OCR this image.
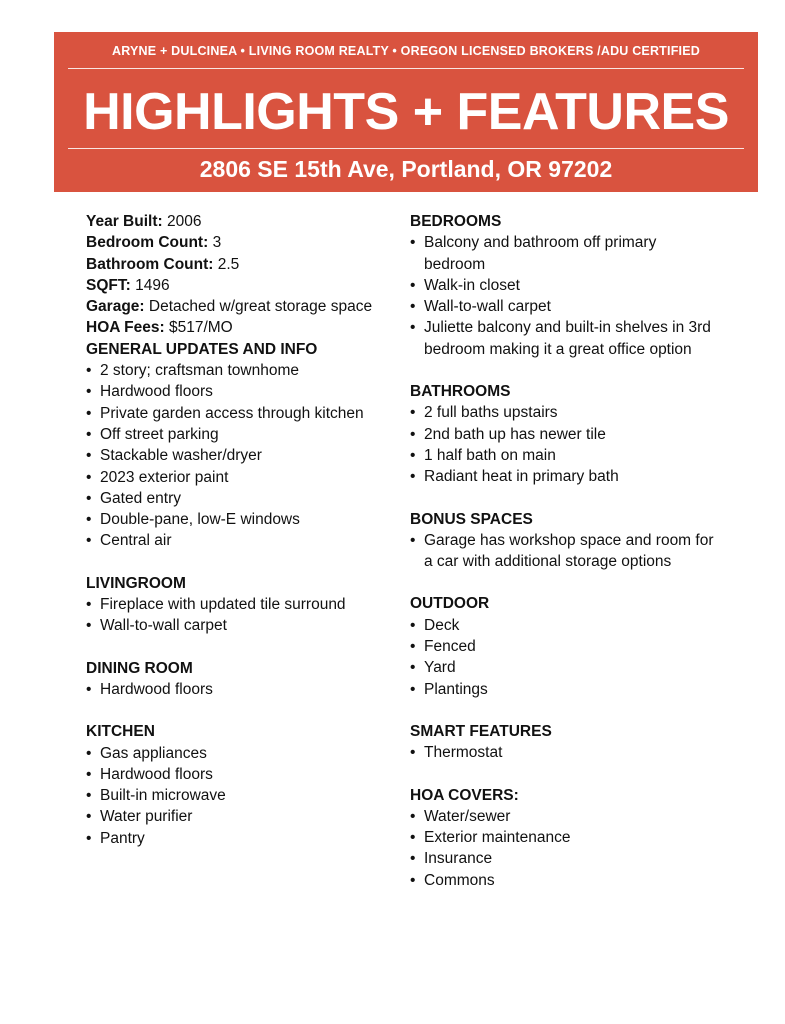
ARYNE + DULCINEA • LIVING ROOM REALTY • OREGON LICENSED BROKERS /ADU CERTIFIED
HIGHLIGHTS + FEATURES
2806 SE 15th Ave, Portland, OR 97202
Year Built: 2006
Bedroom Count: 3
Bathroom Count: 2.5
SQFT: 1496
Garage: Detached w/great storage space
HOA Fees: $517/MO
GENERAL UPDATES AND INFO
• 2 story; craftsman townhome
• Hardwood floors
• Private garden access through kitchen
• Off street parking
• Stackable washer/dryer
• 2023 exterior paint
• Gated entry
• Double-pane, low-E windows
• Central air
LIVINGROOM
• Fireplace with updated tile surround
• Wall-to-wall carpet
DINING ROOM
• Hardwood floors
KITCHEN
• Gas appliances
• Hardwood floors
• Built-in microwave
• Water purifier
• Pantry
BEDROOMS
• Balcony and bathroom off primary bedroom
• Walk-in closet
• Wall-to-wall carpet
• Juliette balcony and built-in shelves in 3rd bedroom making it a great office option
BATHROOMS
• 2 full baths upstairs
• 2nd bath up has newer tile
• 1 half bath on main
• Radiant heat in primary bath
BONUS SPACES
• Garage has workshop space and room for a car with additional storage options
OUTDOOR
• Deck
• Fenced
• Yard
• Plantings
SMART FEATURES
• Thermostat
HOA COVERS:
• Water/sewer
• Exterior maintenance
• Insurance
• Commons
